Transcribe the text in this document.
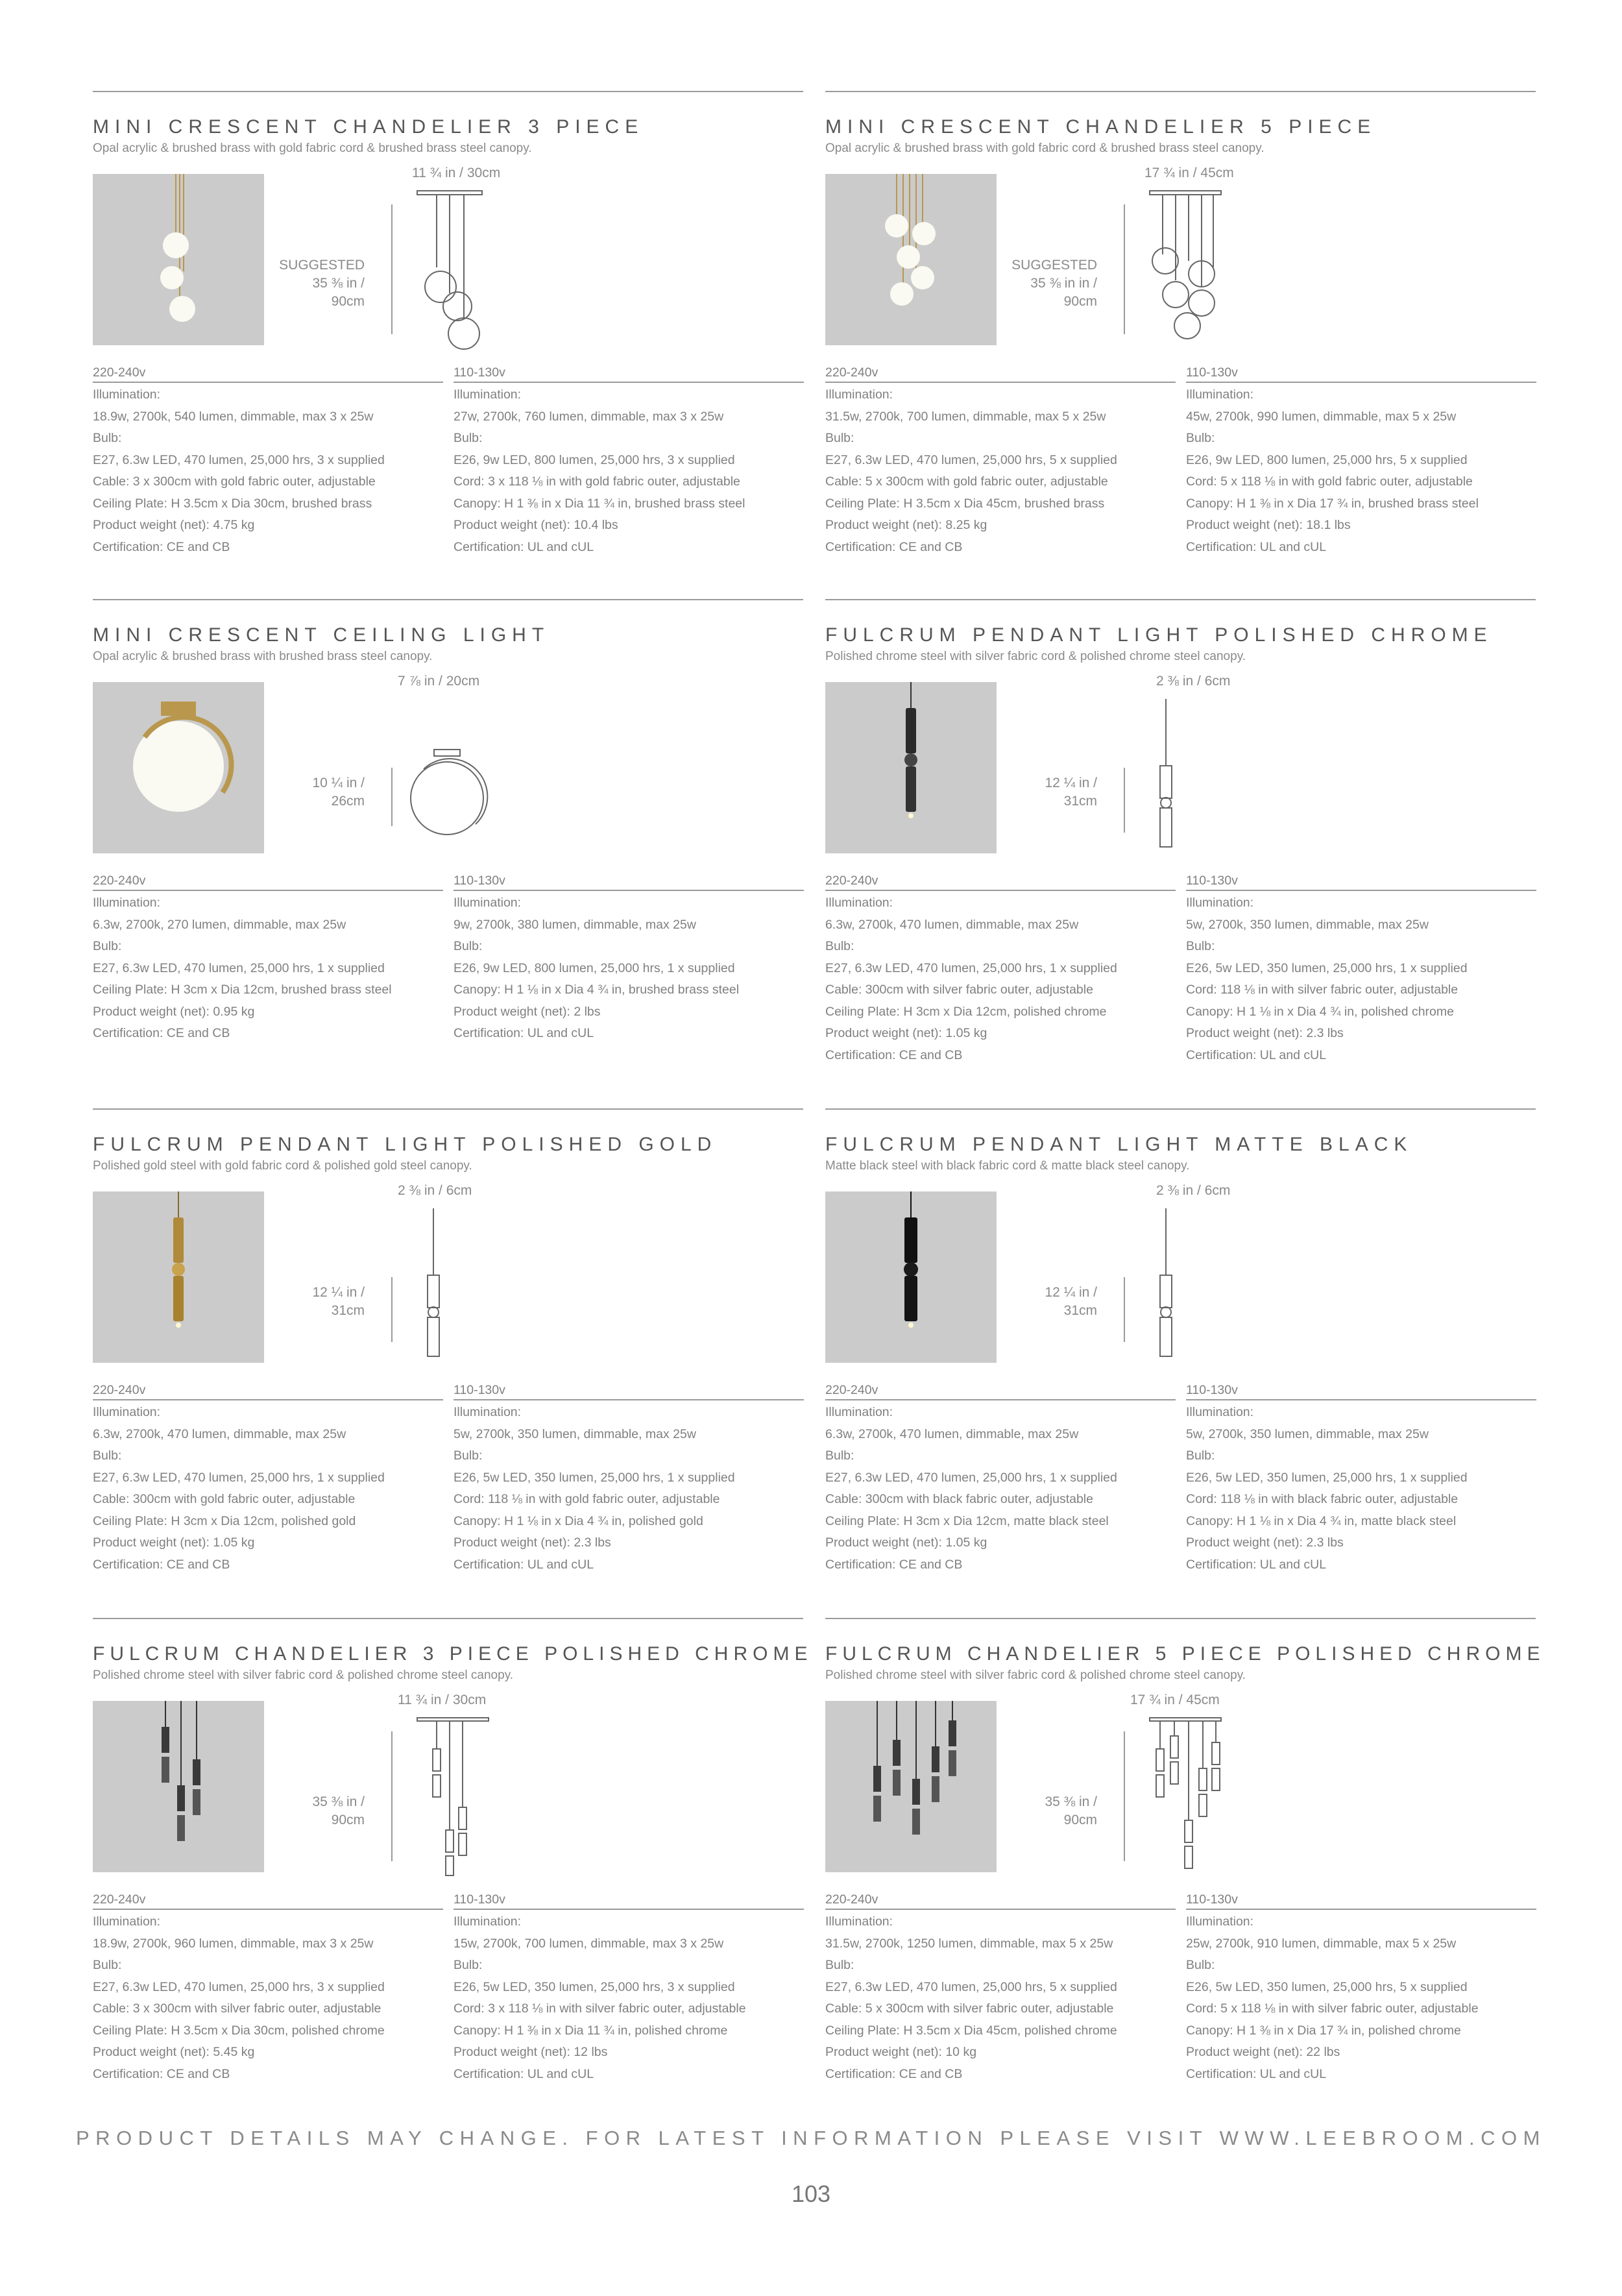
MINI CRESCENT CHANDELIER 3 PIECE
Opal acrylic & brushed brass with gold fabric cord & brushed brass steel canopy.
11 ¾ in / 30cm
SUGGESTED
35 ⅜ in /
90cm
220-240v
Illumination:
18.9w, 2700k, 540 lumen, dimmable, max 3 x 25w
Bulb:
E27, 6.3w LED, 470 lumen, 25,000 hrs, 3 x supplied
Cable: 3 x 300cm with gold fabric outer, adjustable
Ceiling Plate: H 3.5cm x Dia 30cm, brushed brass
Product weight (net): 4.75 kg
Certification: CE and CB
110-130v
Illumination:
27w, 2700k, 760 lumen, dimmable, max 3 x 25w
Bulb:
E26, 9w LED, 800 lumen, 25,000 hrs, 3 x supplied
Cord: 3 x 118 ⅛ in with gold fabric outer, adjustable
Canopy: H 1 ⅜ in x Dia 11 ¾ in, brushed brass steel
Product weight (net): 10.4 lbs
Certification: UL and cUL
MINI CRESCENT CHANDELIER 5 PIECE
Opal acrylic & brushed brass with gold fabric cord & brushed brass steel canopy.
17 ¾ in / 45cm
SUGGESTED
35 ⅜ in in /
90cm
220-240v
Illumination:
31.5w, 2700k, 700 lumen, dimmable, max 5 x 25w
Bulb:
E27, 6.3w LED, 470 lumen, 25,000 hrs, 5 x supplied
Cable: 5 x 300cm with gold fabric outer, adjustable
Ceiling Plate: H 3.5cm x Dia 45cm, brushed brass
Product weight (net): 8.25 kg
Certification: CE and CB
110-130v
Illumination:
45w, 2700k, 990 lumen, dimmable, max 5 x 25w
Bulb:
E26, 9w LED, 800 lumen, 25,000 hrs, 5 x supplied
Cord: 5 x 118 ⅛ in with gold fabric outer, adjustable
Canopy: H 1 ⅜ in x Dia 17 ¾ in, brushed brass steel
Product weight (net): 18.1 lbs
Certification: UL and cUL
MINI CRESCENT CEILING LIGHT
Opal acrylic & brushed brass with brushed brass steel canopy.
7 ⅞ in / 20cm
10 ¼ in /
26cm
220-240v
Illumination:
6.3w, 2700k, 270 lumen, dimmable, max 25w
Bulb:
E27, 6.3w LED, 470 lumen, 25,000 hrs, 1 x supplied
Ceiling Plate: H 3cm x Dia 12cm, brushed brass steel
Product weight (net): 0.95 kg
Certification: CE and CB
110-130v
Illumination:
9w, 2700k, 380 lumen, dimmable, max 25w
Bulb:
E26, 9w LED, 800 lumen, 25,000 hrs, 1 x supplied
Canopy: H 1 ⅛ in x Dia 4 ¾ in, brushed brass steel
Product weight (net): 2 lbs
Certification: UL and cUL
FULCRUM PENDANT LIGHT POLISHED CHROME
Polished chrome steel with silver fabric cord & polished chrome steel canopy.
2 ⅜ in / 6cm
12 ¼ in /
31cm
220-240v
Illumination:
6.3w, 2700k, 470 lumen, dimmable, max 25w
Bulb:
E27, 6.3w LED, 470 lumen, 25,000 hrs, 1 x supplied
Cable: 300cm with silver fabric outer, adjustable
Ceiling Plate: H 3cm x Dia 12cm, polished chrome
Product weight (net): 1.05 kg
Certification: CE and CB
110-130v
Illumination:
5w, 2700k, 350 lumen, dimmable, max 25w
Bulb:
E26, 5w LED, 350 lumen, 25,000 hrs, 1 x supplied
Cord: 118 ⅛ in with silver fabric outer, adjustable
Canopy: H 1 ⅛ in x Dia 4 ¾ in, polished chrome
Product weight (net): 2.3 lbs
Certification: UL and cUL
FULCRUM PENDANT LIGHT POLISHED GOLD
Polished gold steel with gold fabric cord & polished gold steel canopy.
2 ⅜ in / 6cm
12 ¼ in /
31cm
220-240v
Illumination:
6.3w, 2700k, 470 lumen, dimmable, max 25w
Bulb:
E27, 6.3w LED, 470 lumen, 25,000 hrs, 1 x supplied
Cable: 300cm with gold fabric outer, adjustable
Ceiling Plate: H 3cm x Dia 12cm, polished gold
Product weight (net): 1.05 kg
Certification: CE and CB
110-130v
Illumination:
5w, 2700k, 350 lumen, dimmable, max 25w
Bulb:
E26, 5w LED, 350 lumen, 25,000 hrs, 1 x supplied
Cord: 118 ⅛ in with gold fabric outer, adjustable
Canopy: H 1 ⅛ in x Dia 4 ¾ in, polished gold
Product weight (net): 2.3 lbs
Certification: UL and cUL
FULCRUM PENDANT LIGHT MATTE BLACK
Matte black steel with black fabric cord & matte black steel canopy.
2 ⅜ in / 6cm
12 ¼ in /
31cm
220-240v
Illumination:
6.3w, 2700k, 470 lumen, dimmable, max 25w
Bulb:
E27, 6.3w LED, 470 lumen, 25,000 hrs, 1 x supplied
Cable: 300cm with black fabric outer, adjustable
Ceiling Plate: H 3cm x Dia 12cm, matte black steel
Product weight (net): 1.05 kg
Certification: CE and CB
110-130v
Illumination:
5w, 2700k, 350 lumen, dimmable, max 25w
Bulb:
E26, 5w LED, 350 lumen, 25,000 hrs, 1 x supplied
Cord: 118 ⅛ in with black fabric outer, adjustable
Canopy: H 1 ⅛ in x Dia 4 ¾ in, matte black steel
Product weight (net): 2.3 lbs
Certification: UL and cUL
FULCRUM CHANDELIER 3 PIECE POLISHED CHROME
Polished chrome steel with silver fabric cord & polished chrome steel canopy.
11 ¾ in / 30cm
35 ⅜ in /
90cm
220-240v
Illumination:
18.9w, 2700k, 960 lumen, dimmable, max 3 x 25w
Bulb:
E27, 6.3w LED, 470 lumen, 25,000 hrs, 3 x supplied
Cable: 3 x 300cm with silver fabric outer, adjustable
Ceiling Plate: H 3.5cm x Dia 30cm, polished chrome
Product weight (net): 5.45 kg
Certification: CE and CB
110-130v
Illumination:
15w, 2700k, 700 lumen, dimmable, max 3 x 25w
Bulb:
E26, 5w LED, 350 lumen, 25,000 hrs, 3 x supplied
Cord: 3 x 118 ⅛ in with silver fabric outer, adjustable
Canopy: H 1 ⅜ in x Dia 11 ¾ in, polished chrome
Product weight (net): 12 lbs
Certification: UL and cUL
FULCRUM CHANDELIER 5 PIECE POLISHED CHROME
Polished chrome steel with silver fabric cord & polished chrome steel canopy.
17 ¾ in / 45cm
35 ⅜ in /
90cm
220-240v
Illumination:
31.5w, 2700k, 1250 lumen, dimmable, max 5 x 25w
Bulb:
E27, 6.3w LED, 470 lumen, 25,000 hrs, 5 x supplied
Cable: 5 x 300cm with silver fabric outer, adjustable
Ceiling Plate: H 3.5cm x Dia 45cm, polished chrome
Product weight (net): 10 kg
Certification: CE and CB
110-130v
Illumination:
25w, 2700k, 910 lumen, dimmable, max 5 x 25w
Bulb:
E26, 5w LED, 350 lumen, 25,000 hrs, 5 x supplied
Cord: 5 x 118 ⅛ in with silver fabric outer, adjustable
Canopy: H 1 ⅜ in x Dia 17 ¾ in, polished chrome
Product weight (net): 22 lbs
Certification: UL and cUL
PRODUCT DETAILS MAY CHANGE. FOR LATEST INFORMATION PLEASE VISIT WWW.LEEBROOM.COM
103
